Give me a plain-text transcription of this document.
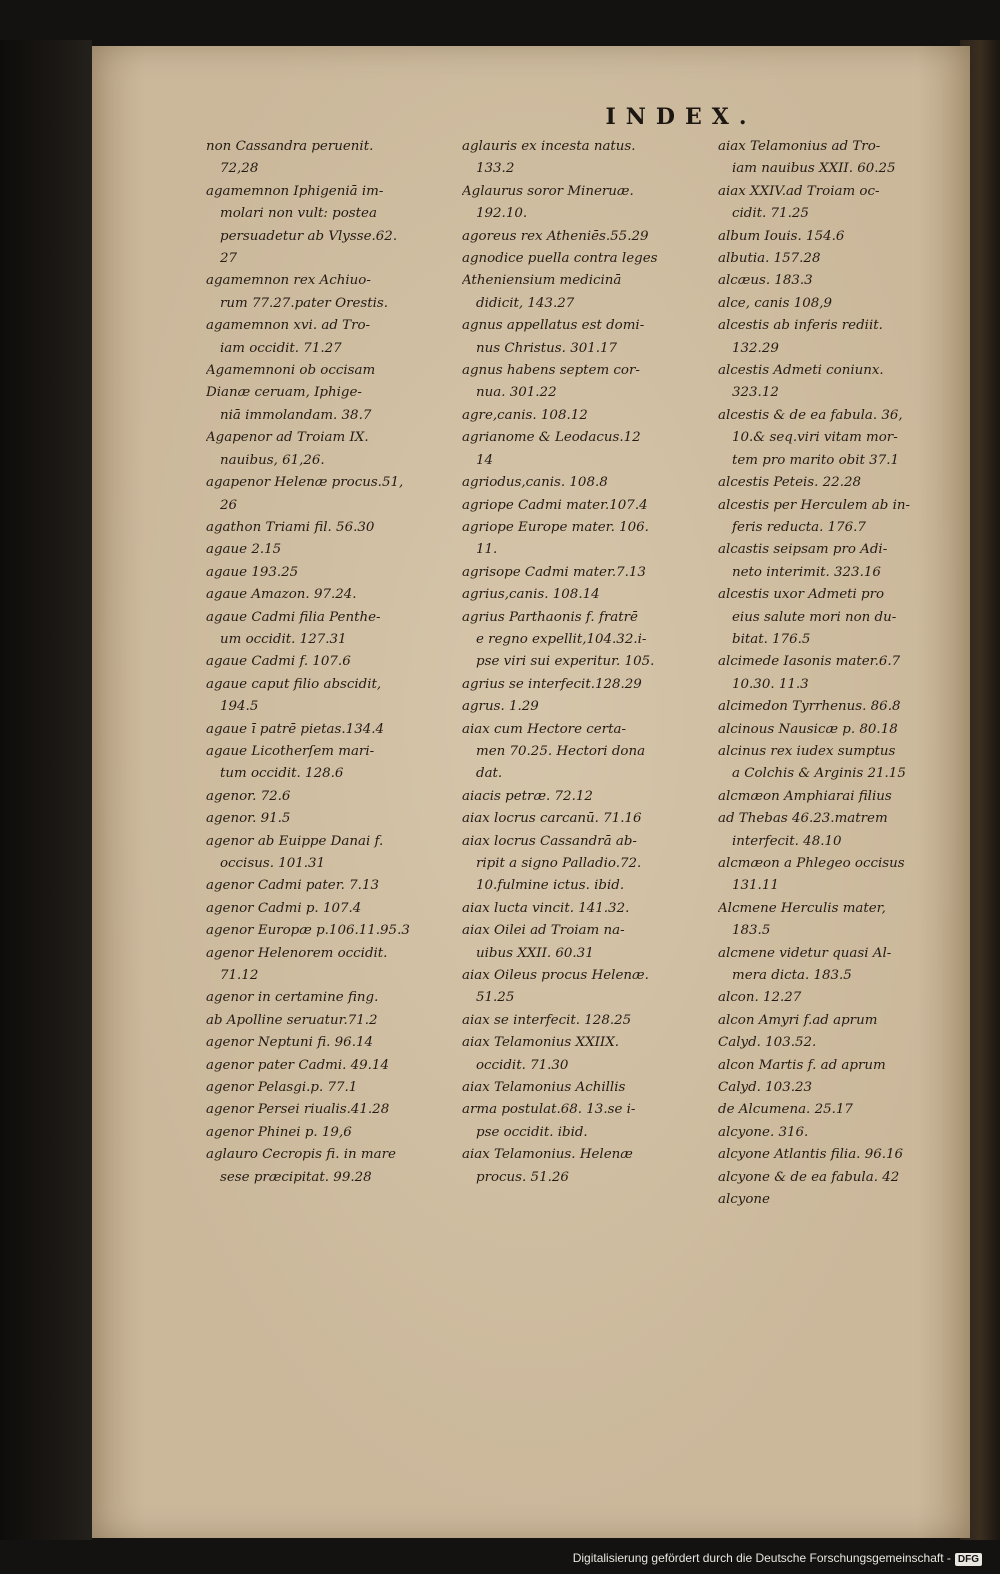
INDEX.
non Cassandra peruenit.
72,28
agamemnon Iphigeniā im-
molari non vult: postea
persuadetur ab Vlysse.62.
27
agamemnon rex Achiuo-
rum 77.27.pater Orestis.
agamemnon xvi. ad Tro-
iam occidit. 71.27
Agamemnoni ob occisam
Dianæ ceruam, Iphige-
niā immolandam. 38.7
Agapenor ad Troiam IX.
nauibus, 61,26.
agapenor Helenæ procus.51,
26
agathon Triami fil. 56.30
agaue 2.15
agaue 193.25
agaue Amazon. 97.24.
agaue Cadmi filia Penthe-
um occidit. 127.31
agaue Cadmi f. 107.6
agaue caput filio abscidit,
194.5
agaue ī patrē pietas.134.4
agaue Licotherſem mari-
tum occidit. 128.6
agenor. 72.6
agenor. 91.5
agenor ab Euippe Danai f.
occisus. 101.31
agenor Cadmi pater. 7.13
agenor Cadmi p. 107.4
agenor Europæ p.106.11.95.3
agenor Helenorem occidit.
71.12
agenor in certamine fing.
ab Apolline seruatur.71.2
agenor Neptuni fi. 96.14
agenor pater Cadmi. 49.14
agenor Pelasgi.p. 77.1
agenor Persei riualis.41.28
agenor Phinei p. 19,6
aglauro Cecropis fi. in mare
sese præcipitat. 99.28
aglauris ex incesta natus.
133.2
Aglaurus soror Mineruæ.
192.10.
agoreus rex Atheniēs.55.29
agnodice puella contra leges
Atheniensium medicinā
didicit, 143.27
agnus appellatus est domi-
nus Christus. 301.17
agnus habens septem cor-
nua. 301.22
agre,canis. 108.12
agrianome & Leodacus.12
14
agriodus,canis. 108.8
agriope Cadmi mater.107.4
agriope Europe mater. 106.
11.
agrisope Cadmi mater.7.13
agrius,canis. 108.14
agrius Parthaonis f. fratrē
e regno expellit,104.32.i-
pse viri sui experitur. 105.
agrius se interfecit.128.29
agrus. 1.29
aiax cum Hectore certa-
men 70.25. Hectori dona
dat.
aiacis petræ. 72.12
aiax locrus carcanū. 71.16
aiax locrus Cassandrā ab-
ripit a signo Palladio.72.
10.fulmine ictus. ibid.
aiax lucta vincit. 141.32.
aiax Oilei ad Troiam na-
uibus XXII. 60.31
aiax Oileus procus Helenæ.
51.25
aiax se interfecit. 128.25
aiax Telamonius XXIIX.
occidit. 71.30
aiax Telamonius Achillis
arma postulat.68. 13.se i-
pse occidit. ibid.
aiax Telamonius. Helenæ
procus. 51.26
aiax Telamonius ad Tro-
iam nauibus XXII. 60.25
aiax XXIV.ad Troiam oc-
cidit. 71.25
album Iouis. 154.6
albutia. 157.28
alcæus. 183.3
alce, canis 108,9
alcestis ab inferis rediit.
132.29
alcestis Admeti coniunx.
323.12
alcestis & de ea fabula. 36,
10.& seq.viri vitam mor-
tem pro marito obit 37.1
alcestis Peteis. 22.28
alcestis per Herculem ab in-
feris reducta. 176.7
alcastis seipsam pro Adi-
neto interimit. 323.16
alcestis uxor Admeti pro
eius salute mori non du-
bitat. 176.5
alcimede Iasonis mater.6.7
10.30. 11.3
alcimedon Tyrrhenus. 86.8
alcinous Nausicæ p. 80.18
alcinus rex iudex sumptus
a Colchis & Arginis 21.15
alcmæon Amphiarai filius
ad Thebas 46.23.matrem
interfecit. 48.10
alcmæon a Phlegeo occisus
131.11
Alcmene Herculis mater,
183.5
alcmene videtur quasi Al-
mera dicta. 183.5
alcon. 12.27
alcon Amyri f.ad aprum
Calyd. 103.52.
alcon Martis f. ad aprum
Calyd. 103.23
de Alcumena. 25.17
alcyone. 316.
alcyone Atlantis filia. 96.16
alcyone & de ea fabula. 42
alcyone
Digitalisierung gefördert durch die Deutsche Forschungsgemeinschaft - DFG
